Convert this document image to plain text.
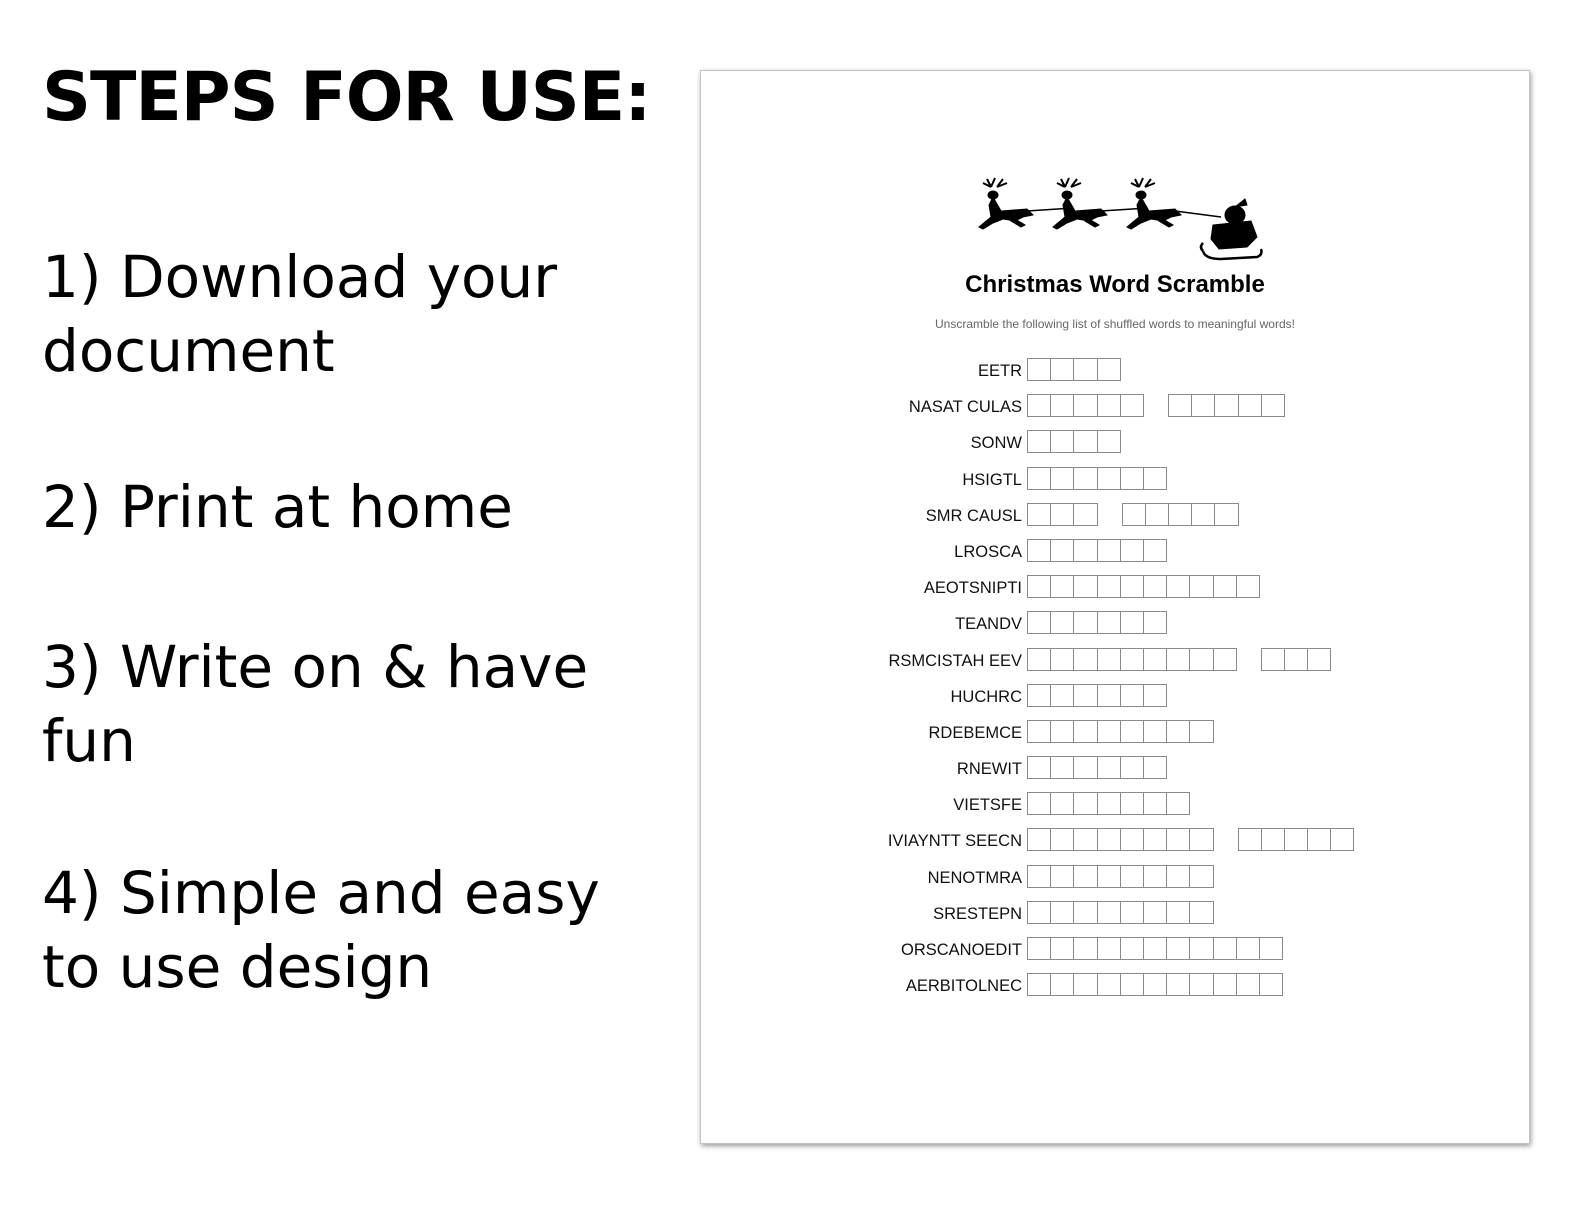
STEPS FOR USE:
1) Download your
document
2) Print at home
3) Write on & have
fun
4) Simple and easy
to use design
Christmas Word Scramble

Unscramble the following list of shuffled words to meaningful words!

EETR
NASAT CULAS
SONW
HSIGTL
SMR CAUSL
LROSCA
AEOTSNIPTI
TEANDV
RSMCISTAH EEV
HUCHRC
RDEBEMCE
RNEWIT
VIETSFE
IVIAYNTT SEECN
NENOTMRA
SRESTEPN
ORSCANOEDIT
AERBITOLNEC
